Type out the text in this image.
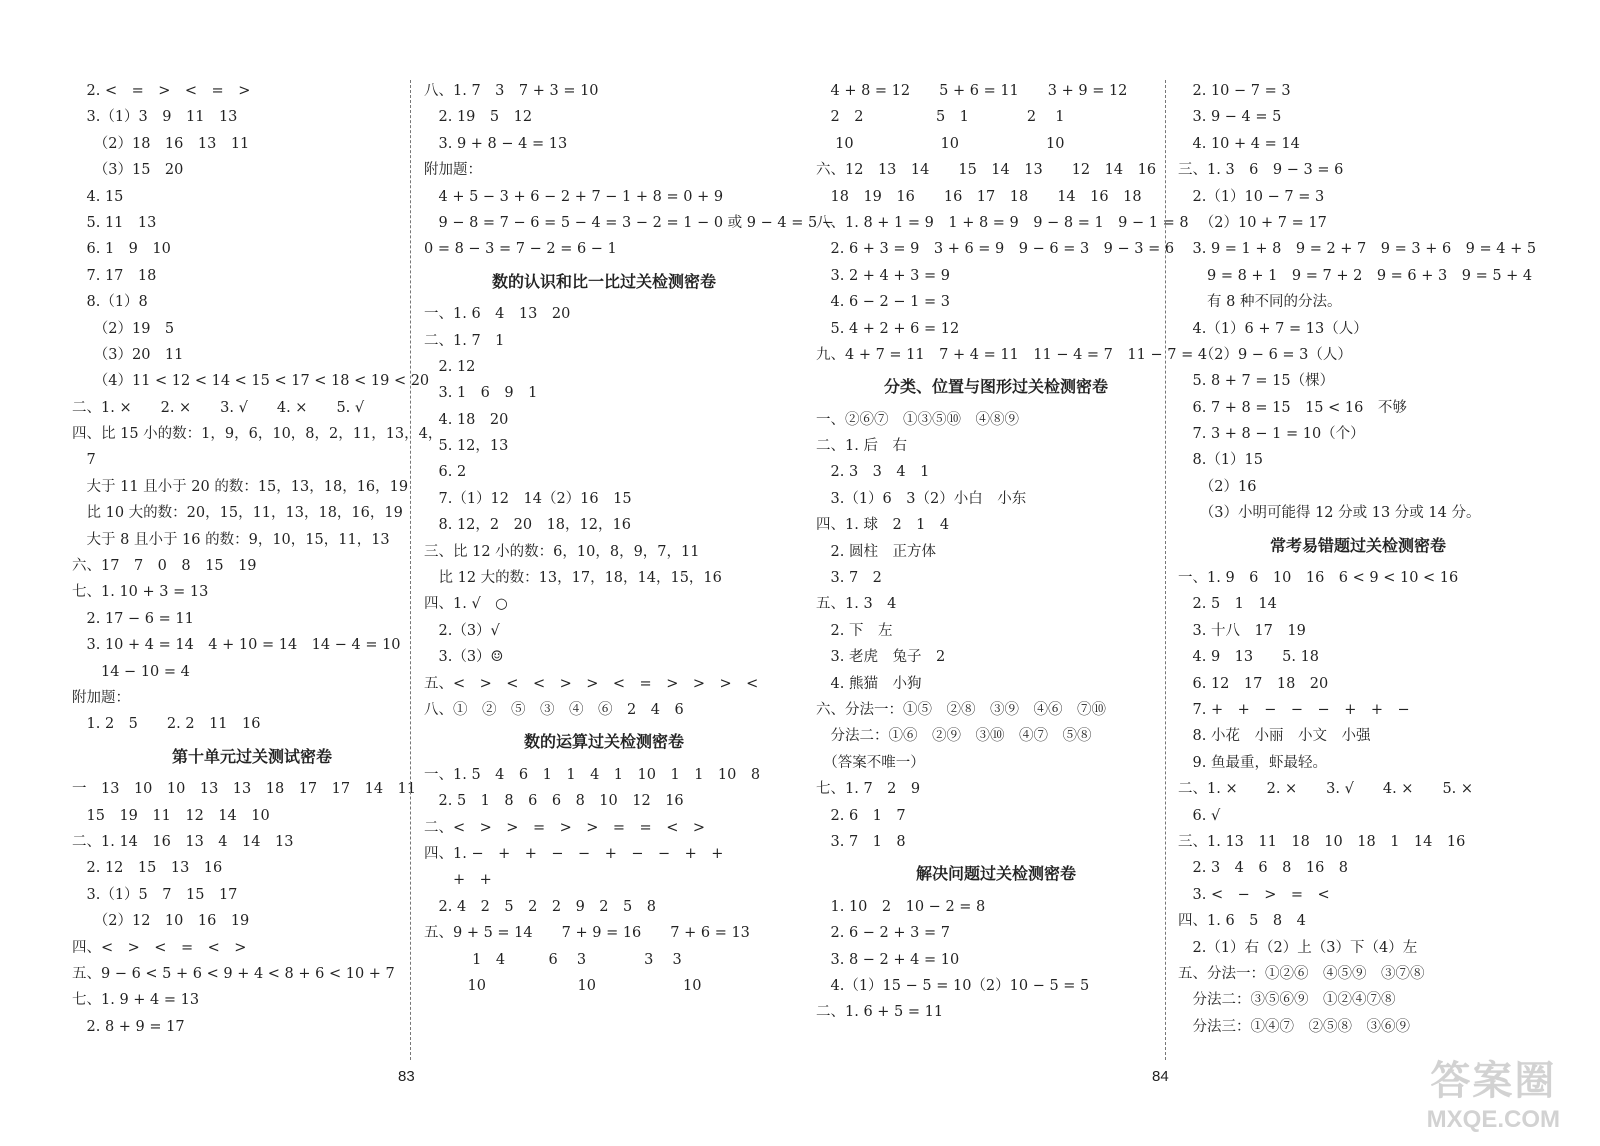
　2. <　=　>　<　=　>
　3.（1）3　9　11　13
　　（2）18　16　13　11
　　（3）15　20
　4. 15
　5. 11　13
　6. 1　9　10
　7. 17　18
　8.（1）8
　　（2）19　5
　　（3）20　11
　　（4）11 < 12 < 14 < 15 < 17 < 18 < 19 < 20
二、1. ×　　2. ×　　3. √　　4. ×　　5. √
四、比 15 小的数：1，9，6，10，8，2，11，13，4，
　7
　大于 11 且小于 20 的数：15，13，18，16，19
　比 10 大的数：20，15，11，13，18，16，19
　大于 8 且小于 16 的数：9，10，15，11，13
六、17　7　0　8　15　19
七、1. 10 + 3 = 13
　2. 17 − 6 = 11
　3. 10 + 4 = 14　4 + 10 = 14　14 − 4 = 10
　　14 − 10 = 4
附加题：
　1. 2　5　　2. 2　11　16
第十单元过关测试密卷
一　13　10　10　13　13　18　17　17　14　11
　15　19　11　12　14　10
二、1. 14　16　13　4　14　13
　2. 12　15　13　16
　3.（1）5　7　15　17
　　（2）12　10　16　19
四、<　>　<　=　<　>
五、9 − 6 < 5 + 6 < 9 + 4 < 8 + 6 < 10 + 7
七、1. 9 + 4 = 13
　2. 8 + 9 = 17
八、1. 7　3　7 + 3 = 10
　2. 19　5　12
　3. 9 + 8 − 4 = 13
附加题：
　4 + 5 − 3 + 6 − 2 + 7 − 1 + 8 = 0 + 9
　9 − 8 = 7 − 6 = 5 − 4 = 3 − 2 = 1 − 0 或 9 − 4 = 5 −
0 = 8 − 3 = 7 − 2 = 6 − 1
数的认识和比一比过关检测密卷
一、1. 6　4　13　20
二、1. 7　1
　2. 12
　3. 1　6　9　1
　4. 18　20
　5. 12，13
　6. 2
　7.（1）12　14（2）16　15
　8. 12，2　20　18，12，16
三、比 12 小的数：6，10，8，9，7，11
　比 12 大的数：13，17，18，14，15，16
四、1. √　○
　2.（3）√
　3.（3）☺
五、<　>　<　<　>　>　<　=　>　>　>　<
八、①　②　⑤　③　④　⑥　2　4　6
数的运算过关检测密卷
一、1. 5　4　6　1　1　4　1　10　1　1　10　8
　2. 5　1　8　6　6　8　10　12　16
二、<　>　>　=　>　>　=　=　<　>
四、1. −　+　+　−　−　+　−　−　+　+
　　+　+
　2. 4　2　5　2　2　9　2　5　8
五、9 + 5 = 14　　7 + 9 = 16　　7 + 6 = 13
　　　 1　4　　　6　 3　　　　3　 3
　　　10　　　　　　 10　　　　　　10
　4 + 8 = 12　　5 + 6 = 11　　3 + 9 = 12
　2　2　　　　　5　1　　　　2　 1
　 10　　　　　　10　　　　　　10
六、12　13　14　　15　14　13　　12　14　16
　18　19　16　　16　17　18　　14　16　18
八、1. 8 + 1 = 9　1 + 8 = 9　9 − 8 = 1　9 − 1 = 8
　2. 6 + 3 = 9　3 + 6 = 9　9 − 6 = 3　9 − 3 = 6
　3. 2 + 4 + 3 = 9
　4. 6 − 2 − 1 = 3
　5. 4 + 2 + 6 = 12
九、4 + 7 = 11　7 + 4 = 11　11 − 4 = 7　11 − 7 = 4
分类、位置与图形过关检测密卷
一、②⑥⑦　①③⑤⑩　④⑧⑨
二、1. 后　右
　2. 3　3　4　1
　3.（1）6　3（2）小白　小东
四、1. 球　2　1　4
　2. 圆柱　正方体
　3. 7　2
五、1. 3　4
　2. 下　左
　3. 老虎　兔子　2
　4. 熊猫　小狗
六、分法一：①⑤　②⑧　③⑨　④⑥　⑦⑩
　分法二：①⑥　②⑨　③⑩　④⑦　⑤⑧
　（答案不唯一）
七、1. 7　2　9
　2. 6　1　7
　3. 7　1　8
解决问题过关检测密卷
　1. 10　2　10 − 2 = 8
　2. 6 − 2 + 3 = 7
　3. 8 − 2 + 4 = 10
　4.（1）15 − 5 = 10（2）10 − 5 = 5
二、1. 6 + 5 = 11
　2. 10 − 7 = 3
　3. 9 − 4 = 5
　4. 10 + 4 = 14
三、1. 3　6　9 − 3 = 6
　2.（1）10 − 7 = 3
　　（2）10 + 7 = 17
　3. 9 = 1 + 8　9 = 2 + 7　9 = 3 + 6　9 = 4 + 5
　　9 = 8 + 1　9 = 7 + 2　9 = 6 + 3　9 = 5 + 4
　　有 8 种不同的分法。
　4.（1）6 + 7 = 13（人）
　　（2）9 − 6 = 3（人）
　5. 8 + 7 = 15（棵）
　6. 7 + 8 = 15　15 < 16　不够
　7. 3 + 8 − 1 = 10（个）
　8.（1）15
　　（2）16
　　（3）小明可能得 12 分或 13 分或 14 分。
常考易错题过关检测密卷
一、1. 9　6　10　16　6 < 9 < 10 < 16
　2. 5　1　14
　3. 十八　17　19
　4. 9　13　　5. 18
　6. 12　17　18　20
　7. +　+　−　−　−　+　+　−
　8. 小花　小丽　小文　小强
　9. 鱼最重，虾最轻。
二、1. ×　　2. ×　　3. √　　4. ×　　5. ×
　6. √
三、1. 13　11　18　10　18　1　14　16
　2. 3　4　6　8　16　8
　3. <　−　>　=　<
四、1. 6　5　8　4
　2.（1）右（2）上（3）下（4）左
五、分法一：①②⑥　④⑤⑨　③⑦⑧
　分法二：③⑤⑥⑨　①②④⑦⑧
　分法三：①④⑦　②⑤⑧　③⑥⑨
83	84	答案圈
MXQE.COM
